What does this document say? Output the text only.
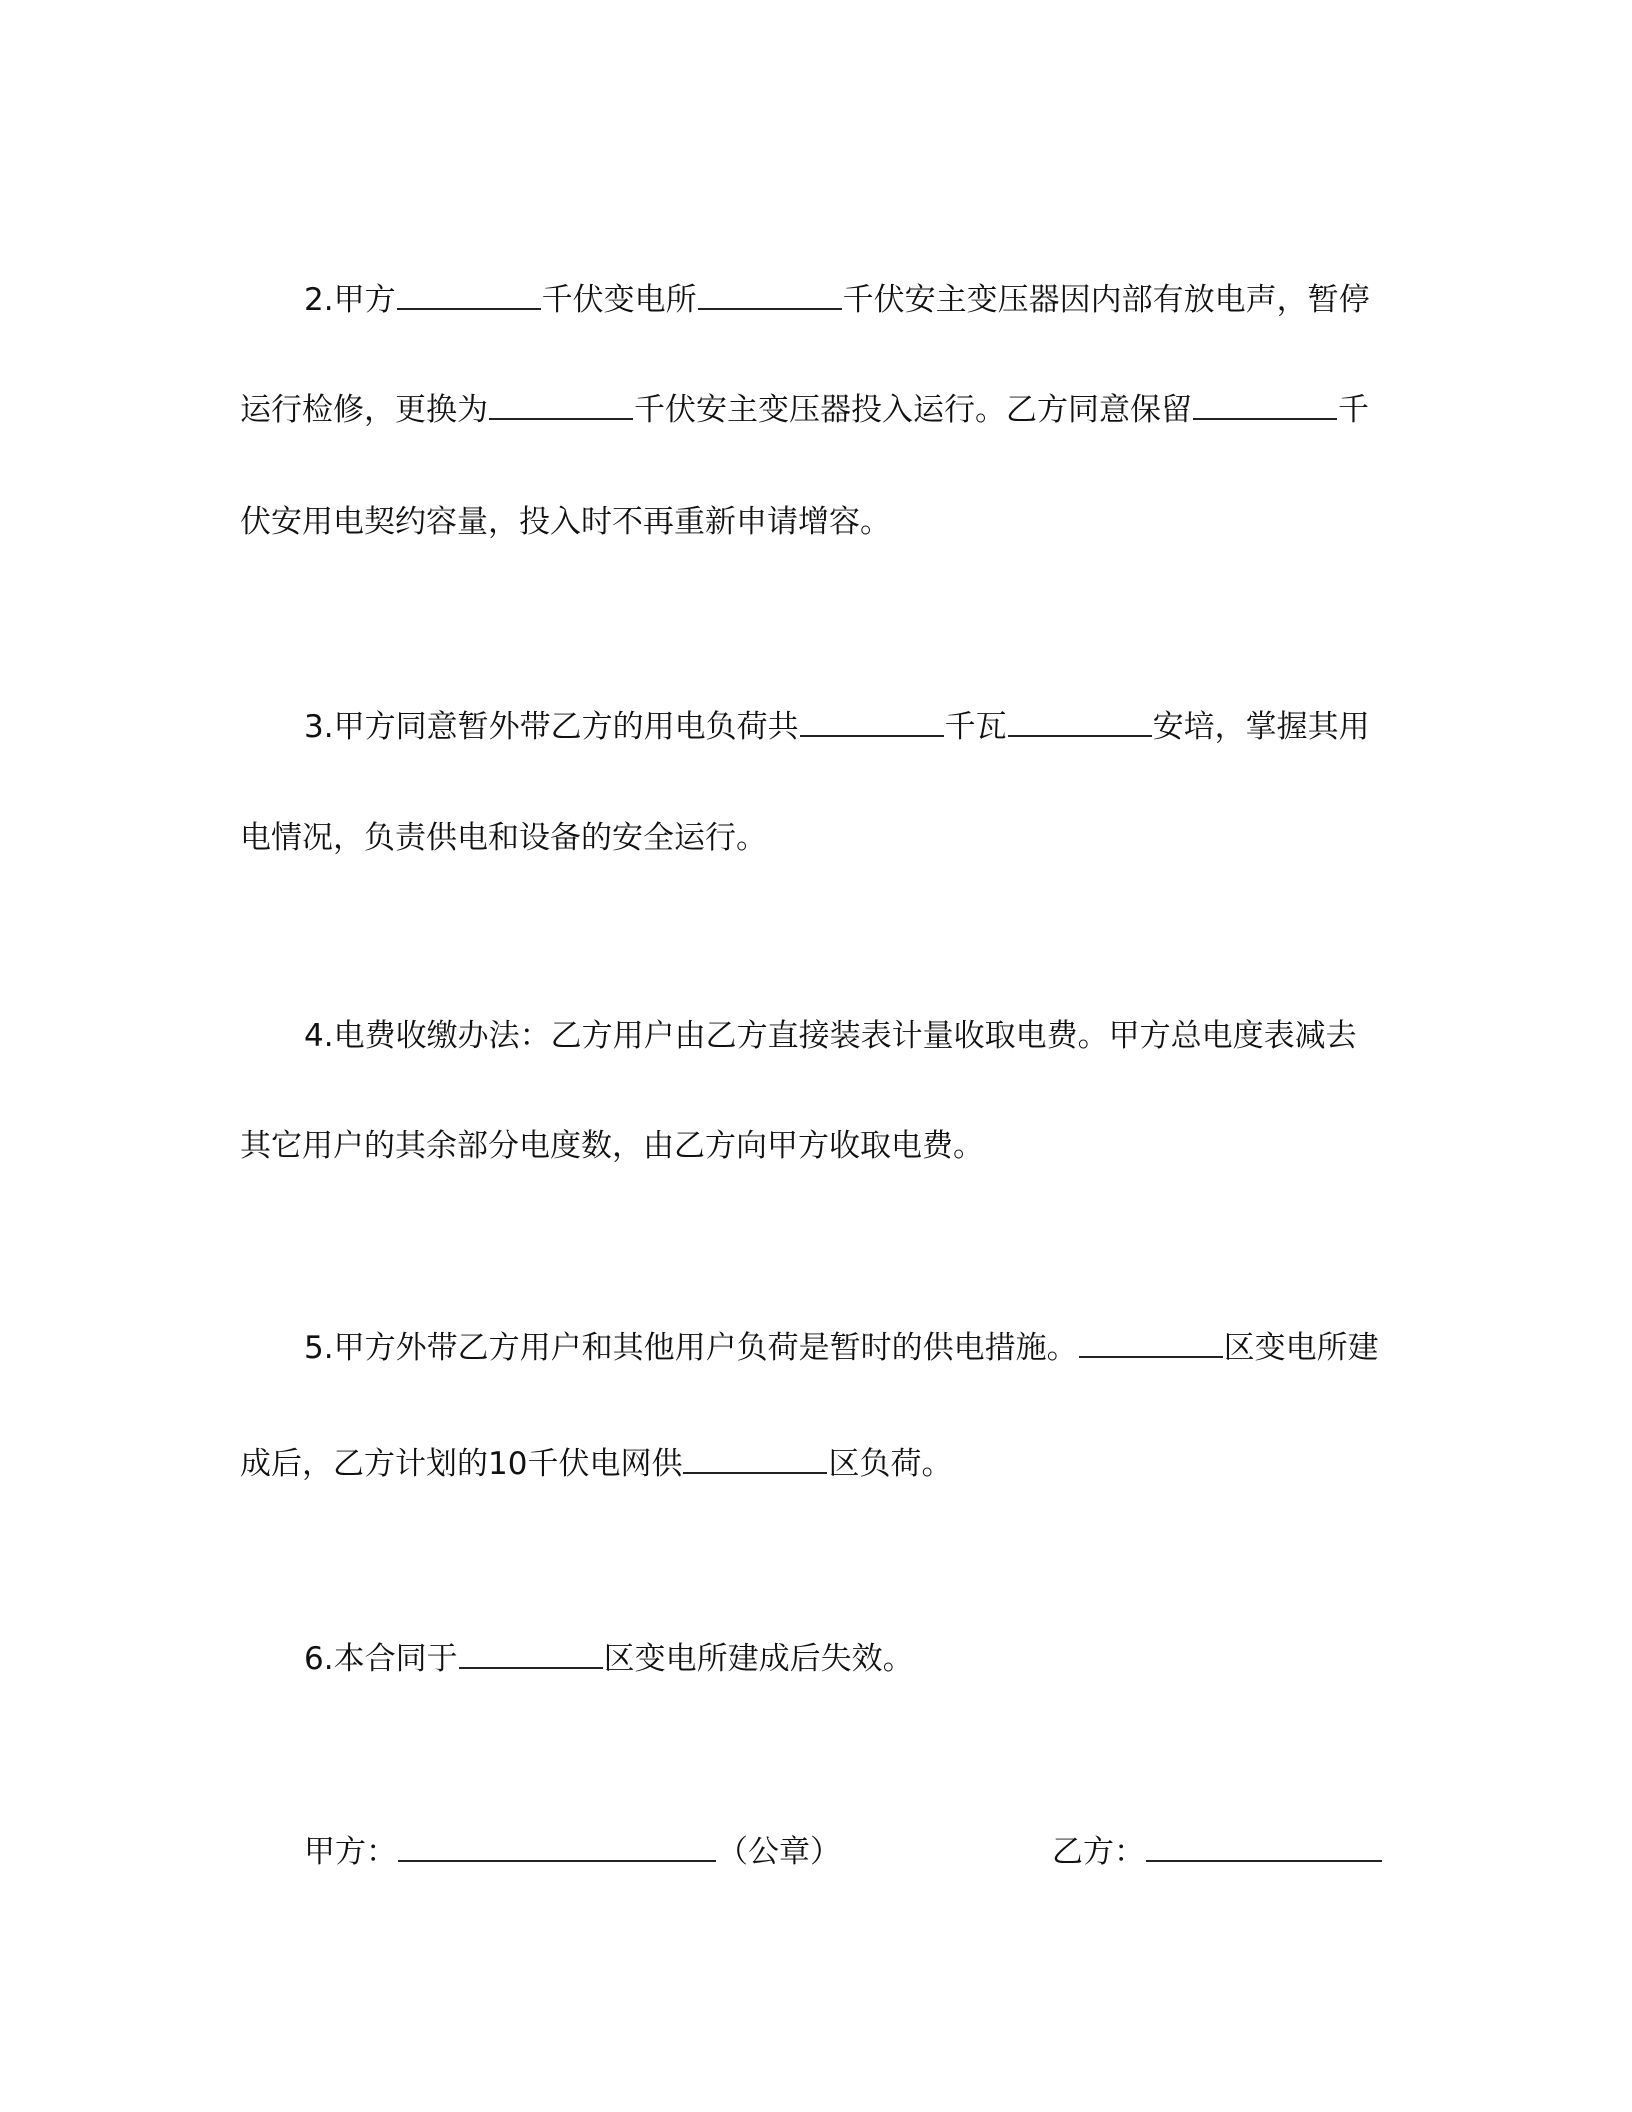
2.甲方	千伏变电所	千伏安主变压器因内部有放电声，暂停
运行检修，更换为	千伏安主变压器投入运行。乙方同意保留	千
伏安用电契约容量，投入时不再重新申请增容。
3.甲方同意暂外带乙方的用电负荷共	千瓦	安培，掌握其用
电情况，负责供电和设备的安全运行。
4.电费收缴办法：乙方用户由乙方直接装表计量收取电费。甲方总电度表减去
其它用户的其余部分电度数，由乙方向甲方收取电费。
5.甲方外带乙方用户和其他用户负荷是暂时的供电措施。	区变电所建
成后，乙方计划的10千伏电网供	区负荷。
6.本合同于	区变电所建成后失效。
甲方：	（公章）	乙方：
